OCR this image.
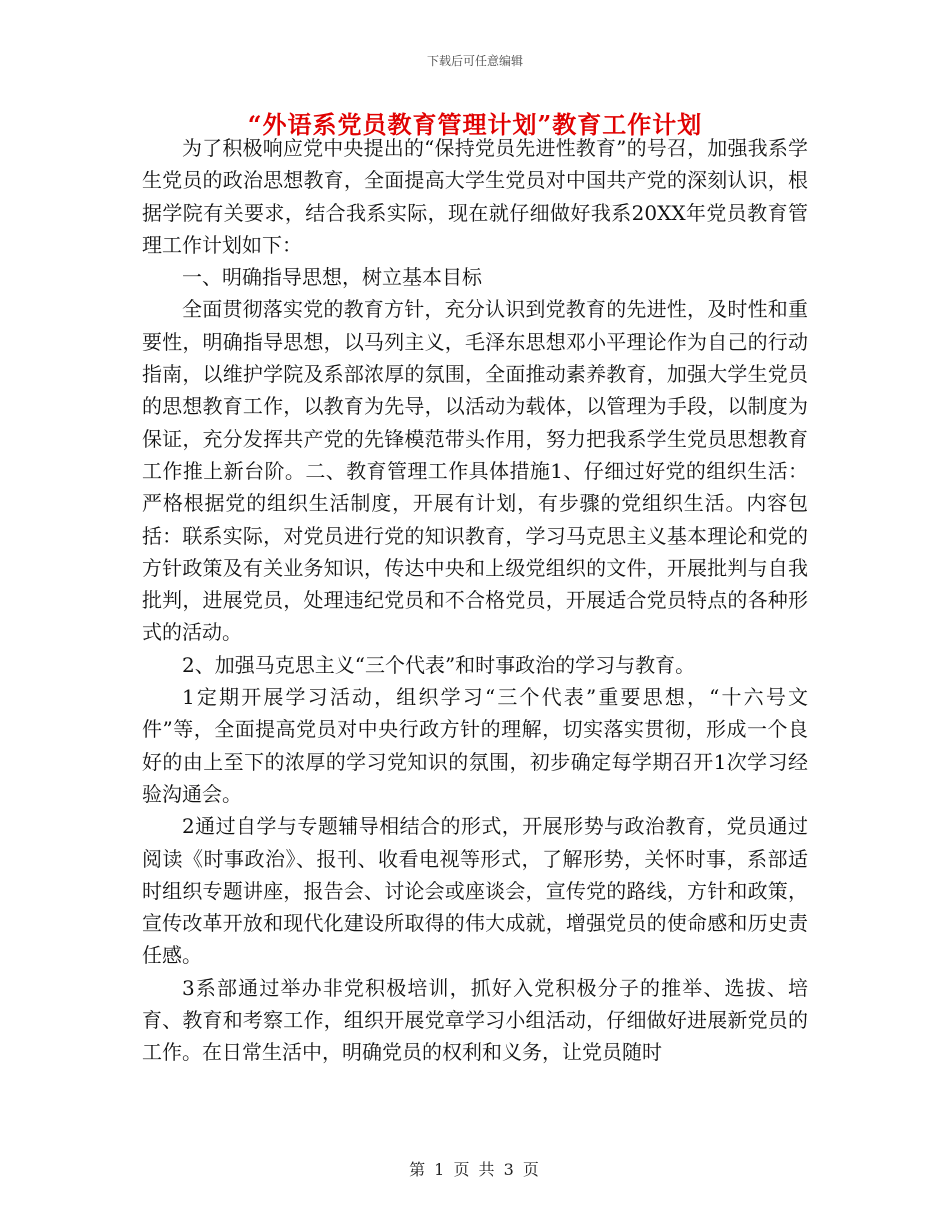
下载后可任意编辑
“外语系党员教育管理计划”教育工作计划

为了积极响应党中央提出的“保持党员先进性教育”的号召，加强我系学生党员的政治思想教育，全面提高大学生党员对中国共产党的深刻认识，根据学院有关要求，结合我系实际，现在就仔细做好我系20XX年党员教育管理工作计划如下：

一、明确指导思想，树立基本目标

全面贯彻落实党的教育方针，充分认识到党教育的先进性，及时性和重要性，明确指导思想，以马列主义，毛泽东思想邓小平理论作为自己的行动指南，以维护学院及系部浓厚的氛围，全面推动素养教育，加强大学生党员的思想教育工作，以教育为先导，以活动为载体，以管理为手段，以制度为保证，充分发挥共产党的先锋模范带头作用，努力把我系学生党员思想教育工作推上新台阶。二、教育管理工作具体措施1、仔细过好党的组织生活：严格根据党的组织生活制度，开展有计划，有步骤的党组织生活。内容包括：联系实际，对党员进行党的知识教育，学习马克思主义基本理论和党的方针政策及有关业务知识，传达中央和上级党组织的文件，开展批判与自我批判，进展党员，处理违纪党员和不合格党员，开展适合党员特点的各种形式的活动。

2、加强马克思主义“三个代表”和时事政治的学习与教育。

1定期开展学习活动，组织学习“三个代表”重要思想，“十六号文件”等，全面提高党员对中央行政方针的理解，切实落实贯彻，形成一个良好的由上至下的浓厚的学习党知识的氛围，初步确定每学期召开1次学习经验沟通会。

2通过自学与专题辅导相结合的形式，开展形势与政治教育，党员通过阅读《时事政治》、报刊、收看电视等形式，了解形势，关怀时事，系部适时组织专题讲座，报告会、讨论会或座谈会，宣传党的路线，方针和政策，宣传改革开放和现代化建设所取得的伟大成就，增强党员的使命感和历史责任感。

3系部通过举办非党积极培训，抓好入党积极分子的推举、选拔、培育、教育和考察工作，组织开展党章学习小组活动，仔细做好进展新党员的工作。在日常生活中，明确党员的权利和义务，让党员随时

第 1 页 共 3 页
